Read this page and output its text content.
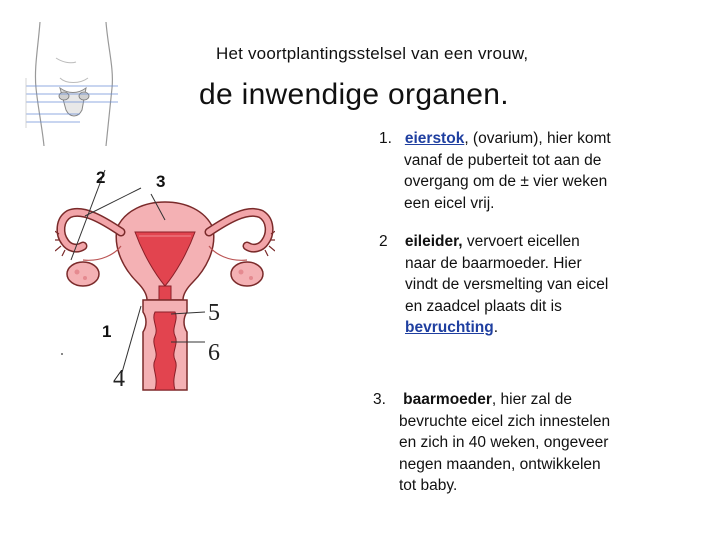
Het voortplantingsstelsel van een vrouw,
de inwendige organen.
2	3
1
5
6
4
1. eierstok, (ovarium), hier komt
vanaf de puberteit tot aan de
overgang om de ± vier weken
een eicel vrij.
2 eileider, vervoert eicellen
naar de baarmoeder. Hier
vindt de versmelting van eicel
en zaadcel plaats dit is
bevruchting.
3. baarmoeder, hier zal de
bevruchte eicel zich innestelen
en zich in 40 weken, ongeveer
negen maanden, ontwikkelen
tot baby.
